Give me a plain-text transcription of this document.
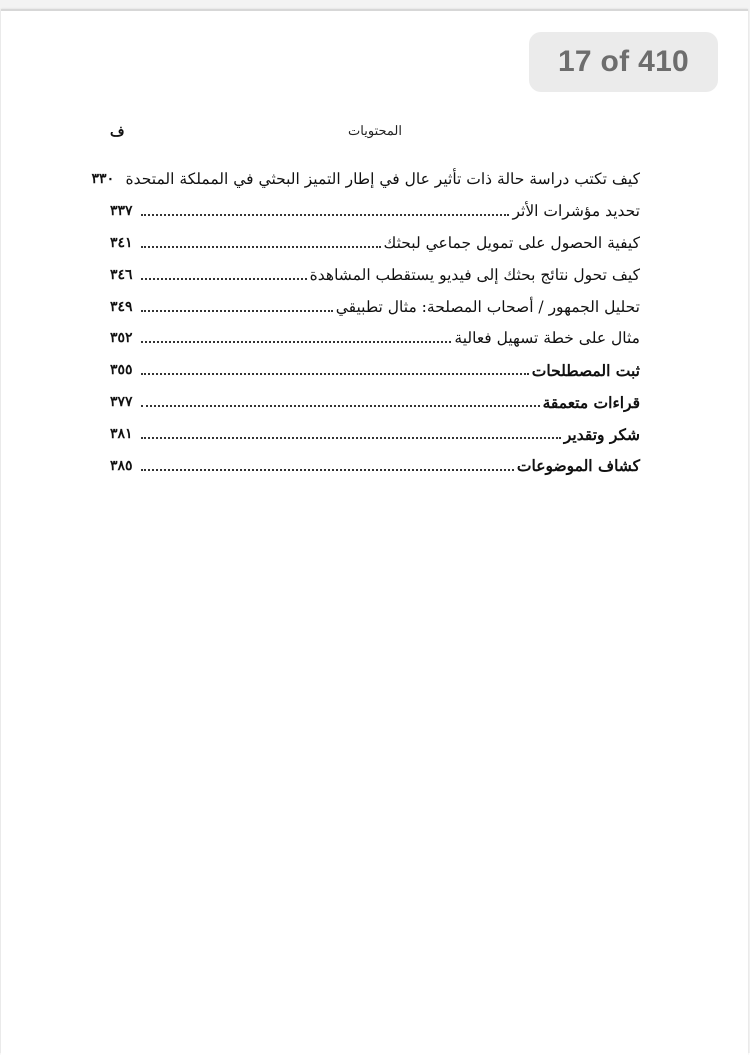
17 of 410
ف	المحتويات
كيف تكتب دراسة حالة ذات تأثير عال في إطار التميز البحثي في المملكة المتحدة
٣٣٠
تحديد مؤشرات الأثر
٣٣٧
كيفية الحصول على تمويل جماعي لبحثك
٣٤١
كيف تحول نتائج بحثك إلى فيديو يستقطب المشاهدة
٣٤٦
تحليل الجمهور / أصحاب المصلحة: مثال تطبيقي
٣٤٩
مثال على خطة تسهيل فعالية
٣٥٢
ثبت المصطلحات
٣٥٥
قراءات متعمقة
٣٧٧
شكر وتقدير
٣٨١
كشاف الموضوعات
٣٨٥
